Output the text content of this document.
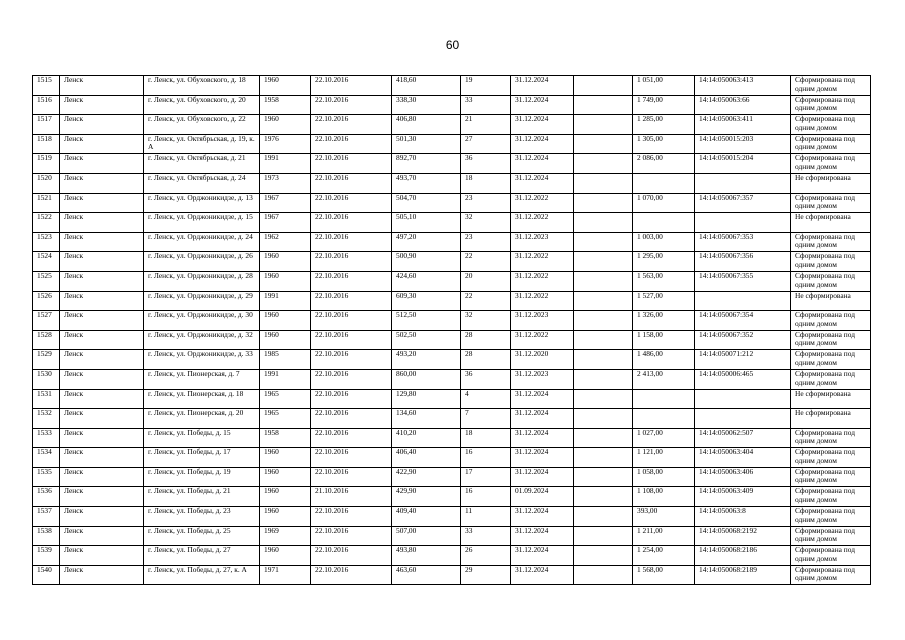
60
1515	Ленск	г. Ленск, ул. Обуховского, д. 18	1960	22.10.2016	418,60	19	31.12.2024		1 051,00	14:14:050063:413	Сформирована под одним домом
1516	Ленск	г. Ленск, ул. Обуховского, д. 20	1958	22.10.2016	338,30	33	31.12.2024		1 749,00	14:14:050063:66	Сформирована под одним домом
1517	Ленск	г. Ленск, ул. Обуховского, д. 22	1960	22.10.2016	406,80	21	31.12.2024		1 285,00	14:14:050063:411	Сформирована под одним домом
1518	Ленск	г. Ленск, ул. Октябрьская, д. 19, к. А	1976	22.10.2016	501,30	27	31.12.2024		1 305,00	14:14:050015:203	Сформирована под одним домом
1519	Ленск	г. Ленск, ул. Октябрьская, д. 21	1991	22.10.2016	892,70	36	31.12.2024		2 086,00	14:14:050015:204	Сформирована под одним домом
1520	Ленск	г. Ленск, ул. Октябрьская, д. 24	1973	22.10.2016	493,70	18	31.12.2024				Не сформирована
1521	Ленск	г. Ленск, ул. Орджоникидзе, д. 13	1967	22.10.2016	504,70	23	31.12.2022		1 070,00	14:14:050067:357	Сформирована под одним домом
1522	Ленск	г. Ленск, ул. Орджоникидзе, д. 15	1967	22.10.2016	505,10	32	31.12.2022				Не сформирована
1523	Ленск	г. Ленск, ул. Орджоникидзе, д. 24	1962	22.10.2016	497,20	23	31.12.2023		1 003,00	14:14:050067:353	Сформирована под одним домом
1524	Ленск	г. Ленск, ул. Орджоникидзе, д. 26	1960	22.10.2016	500,90	22	31.12.2022		1 295,00	14:14:050067:356	Сформирована под одним домом
1525	Ленск	г. Ленск, ул. Орджоникидзе, д. 28	1960	22.10.2016	424,60	20	31.12.2022		1 563,00	14:14:050067:355	Сформирована под одним домом
1526	Ленск	г. Ленск, ул. Орджоникидзе, д. 29	1991	22.10.2016	609,30	22	31.12.2022		1 527,00		Не сформирована
1527	Ленск	г. Ленск, ул. Орджоникидзе, д. 30	1960	22.10.2016	512,50	32	31.12.2023		1 326,00	14:14:050067:354	Сформирована под одним домом
1528	Ленск	г. Ленск, ул. Орджоникидзе, д. 32	1960	22.10.2016	502,50	28	31.12.2022		1 158,00	14:14:050067:352	Сформирована под одним домом
1529	Ленск	г. Ленск, ул. Орджоникидзе, д. 33	1985	22.10.2016	493,20	28	31.12.2020		1 486,00	14:14:050071:212	Сформирована под одним домом
1530	Ленск	г. Ленск, ул. Пионерская, д. 7	1991	22.10.2016	860,00	36	31.12.2023		2 413,00	14:14:050006:465	Сформирована под одним домом
1531	Ленск	г. Ленск, ул. Пионерская, д. 18	1965	22.10.2016	129,80	4	31.12.2024				Не сформирована
1532	Ленск	г. Ленск, ул. Пионерская, д. 20	1965	22.10.2016	134,60	7	31.12.2024				Не сформирована
1533	Ленск	г. Ленск, ул. Победы, д. 15	1958	22.10.2016	410,20	18	31.12.2024		1 027,00	14:14:050062:507	Сформирована под одним домом
1534	Ленск	г. Ленск, ул. Победы, д. 17	1960	22.10.2016	406,40	16	31.12.2024		1 121,00	14:14:050063:404	Сформирована под одним домом
1535	Ленск	г. Ленск, ул. Победы, д. 19	1960	22.10.2016	422,90	17	31.12.2024		1 058,00	14:14:050063:406	Сформирована под одним домом
1536	Ленск	г. Ленск, ул. Победы, д. 21	1960	21.10.2016	429,90	16	01.09.2024		1 108,00	14:14:050063:409	Сформирована под одним домом
1537	Ленск	г. Ленск, ул. Победы, д. 23	1960	22.10.2016	409,40	11	31.12.2024		393,00	14:14:050063:8	Сформирована под одним домом
1538	Ленск	г. Ленск, ул. Победы, д. 25	1969	22.10.2016	507,00	33	31.12.2024		1 211,00	14:14:050068:2192	Сформирована под одним домом
1539	Ленск	г. Ленск, ул. Победы, д. 27	1960	22.10.2016	493,80	26	31.12.2024		1 254,00	14:14:050068:2186	Сформирована под одним домом
1540	Ленск	г. Ленск, ул. Победы, д. 27, к. А	1971	22.10.2016	463,60	29	31.12.2024		1 568,00	14:14:050068:2189	Сформирована под одним домом
